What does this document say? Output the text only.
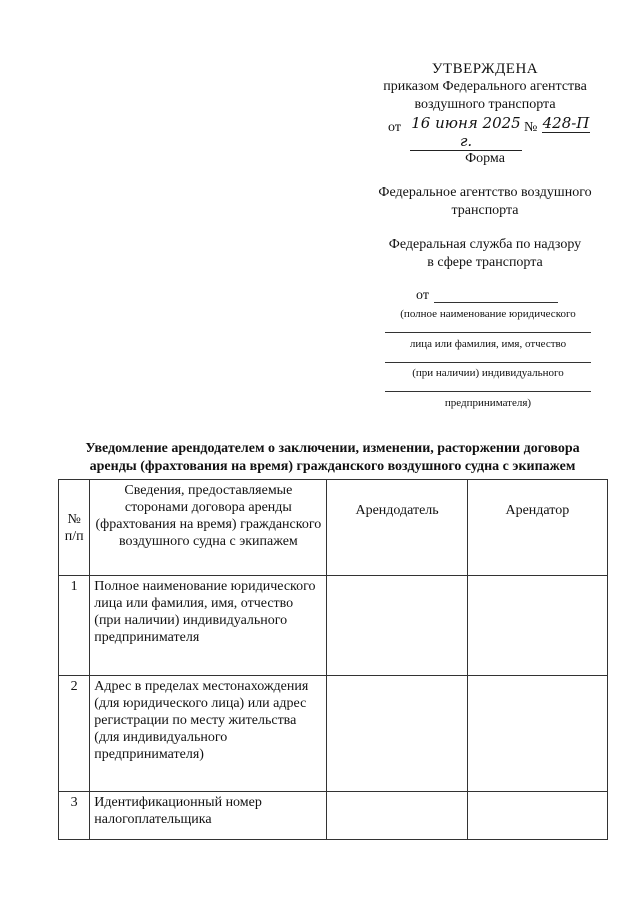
УТВЕРЖДЕНА
приказом Федерального агентства
воздушного транспорта
от 16 июня 2025 г.
№ 428-П
Форма
Федеральное агентство воздушного
транспорта
Федеральная служба по надзору
в сфере транспорта
от
(полное наименование юридического
лица или фамилия, имя, отчество
(при наличии) индивидуального
предпринимателя)
Уведомление арендодателем о заключении, изменении, расторжении договора
аренды (фрахтования на время) гражданского воздушного судна с экипажем
№ п/п	Сведения, предоставляемые сторонами договора аренды (фрахтования на время) гражданского воздушного судна с экипажем	Арендодатель	Арендатор
1	Полное наименование юридического лица или фамилия, имя, отчество (при наличии) индивидуального предпринимателя		
2	Адрес в пределах местонахождения (для юридического лица) или адрес регистрации по месту жительства (для индивидуального предпринимателя)		
3	Идентификационный номер налогоплательщика		
